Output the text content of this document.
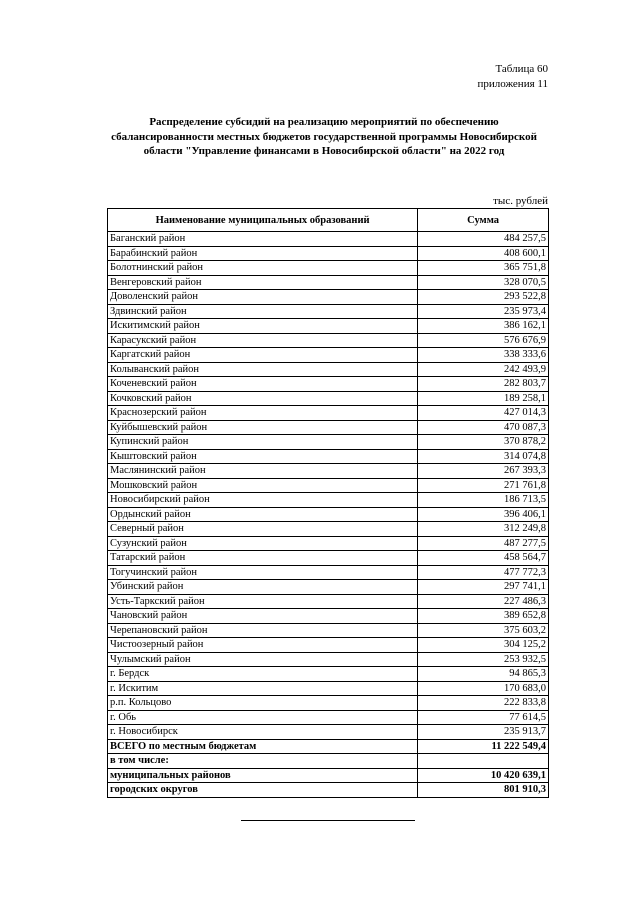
Таблица 60
приложения 11
Распределение субсидий на реализацию мероприятий по обеспечению сбалансированности местных бюджетов государственной программы Новосибирской области "Управление финансами в Новосибирской области" на 2022 год
тыс. рублей
Наименование муниципальных образований	Сумма
Баганский район	484 257,5
Барабинский район	408 600,1
Болотнинский район	365 751,8
Венгеровский район	328 070,5
Доволенский район	293 522,8
Здвинский район	235 973,4
Искитимский район	386 162,1
Карасукский район	576 676,9
Каргатский район	338 333,6
Колыванский район	242 493,9
Коченевский район	282 803,7
Кочковский район	189 258,1
Краснозерский район	427 014,3
Куйбышевский район	470 087,3
Купинский район	370 878,2
Кыштовский район	314 074,8
Маслянинский район	267 393,3
Мошковский район	271 761,8
Новосибирский район	186 713,5
Ордынский район	396 406,1
Северный район	312 249,8
Сузунский район	487 277,5
Татарский район	458 564,7
Тогучинский район	477 772,3
Убинский район	297 741,1
Усть-Таркский район	227 486,3
Чановский район	389 652,8
Черепановский район	375 603,2
Чистоозерный район	304 125,2
Чулымский район	253 932,5
г. Бердск	94 865,3
г. Искитим	170 683,0
р.п. Кольцово	222 833,8
г. Обь	77 614,5
г. Новосибирск	235 913,7
ВСЕГО по местным бюджетам	11 222 549,4
в том числе:	
муниципальных районов	10 420 639,1
городских округов	801 910,3
